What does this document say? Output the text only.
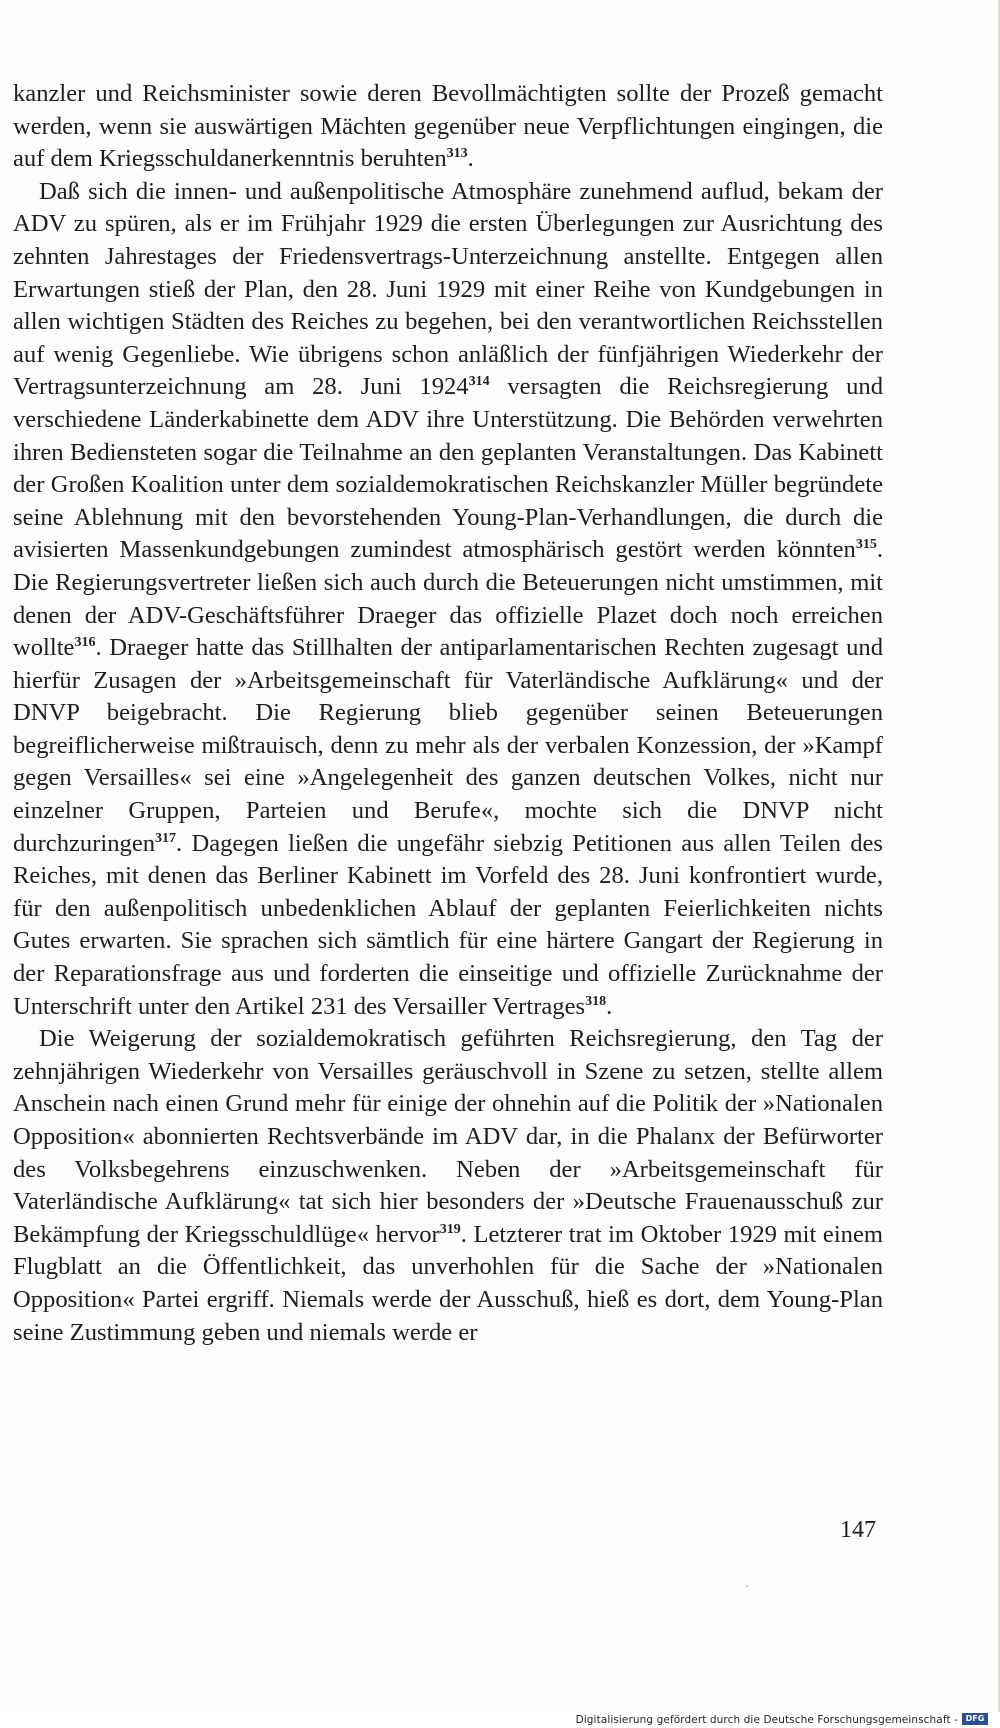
kanzler und Reichsminister sowie deren Bevollmächtigten sollte der Prozeß gemacht werden, wenn sie auswärtigen Mächten gegenüber neue Verpflichtungen eingingen, die auf dem Kriegsschuldanerkenntnis beruhten$^{313}$.

Daß sich die innen- und außenpolitische Atmosphäre zunehmend auflud, bekam der ADV zu spüren, als er im Frühjahr 1929 die ersten Überlegungen zur Ausrichtung des zehnten Jahrestages der Friedensvertrags-Unterzeichnung anstellte. Entgegen allen Erwartungen stieß der Plan, den 28. Juni 1929 mit einer Reihe von Kundgebungen in allen wichtigen Städten des Reiches zu begehen, bei den verantwortlichen Reichsstellen auf wenig Gegenliebe. Wie übrigens schon anläßlich der fünfjährigen Wiederkehr der Vertragsunterzeichnung am 28. Juni 1924$^{314}$ versagten die Reichsregierung und verschiedene Länderkabinette dem ADV ihre Unterstützung. Die Behörden verwehrten ihren Bediensteten sogar die Teilnahme an den geplanten Veranstaltungen. Das Kabinett der Großen Koalition unter dem sozialdemokratischen Reichskanzler Müller begründete seine Ablehnung mit den bevorstehenden Young-Plan-Verhandlungen, die durch die avisierten Massenkundgebungen zumindest atmosphärisch gestört werden könnten$^{315}$. Die Regierungsvertreter ließen sich auch durch die Beteuerungen nicht umstimmen, mit denen der ADV-Geschäftsführer Draeger das offizielle Plazet doch noch erreichen wollte$^{316}$. Draeger hatte das Stillhalten der antiparlamentarischen Rechten zugesagt und hierfür Zusagen der »Arbeitsgemeinschaft für Vaterländische Aufklärung« und der DNVP beigebracht. Die Regierung blieb gegenüber seinen Beteuerungen begreiflicherweise mißtrauisch, denn zu mehr als der verbalen Konzession, der »Kampf gegen Versailles« sei eine »Angelegenheit des ganzen deutschen Volkes, nicht nur einzelner Gruppen, Parteien und Berufe«, mochte sich die DNVP nicht durchzuringen$^{317}$. Dagegen ließen die ungefähr siebzig Petitionen aus allen Teilen des Reiches, mit denen das Berliner Kabinett im Vorfeld des 28. Juni konfrontiert wurde, für den außenpolitisch unbedenklichen Ablauf der geplanten Feierlichkeiten nichts Gutes erwarten. Sie sprachen sich sämtlich für eine härtere Gangart der Regierung in der Reparationsfrage aus und forderten die einseitige und offizielle Zurücknahme der Unterschrift unter den Artikel 231 des Versailler Vertrages$^{318}$.

Die Weigerung der sozialdemokratisch geführten Reichsregierung, den Tag der zehnjährigen Wiederkehr von Versailles geräuschvoll in Szene zu setzen, stellte allem Anschein nach einen Grund mehr für einige der ohnehin auf die Politik der »Nationalen Opposition« abonnierten Rechtsverbände im ADV dar, in die Phalanx der Befürworter des Volksbegehrens einzuschwenken. Neben der »Arbeitsgemeinschaft für Vaterländische Aufklärung« tat sich hier besonders der »Deutsche Frauenausschuß zur Bekämpfung der Kriegsschuldlüge« hervor$^{319}$. Letzterer trat im Oktober 1929 mit einem Flugblatt an die Öffentlichkeit, das unverhohlen für die Sache der »Nationalen Opposition« Partei ergriff. Niemals werde der Ausschuß, hieß es dort, dem Young-Plan seine Zustimmung geben und niemals werde er

147
Digitalisierung gefördert durch die Deutsche Forschungsgemeinschaft - DFG
